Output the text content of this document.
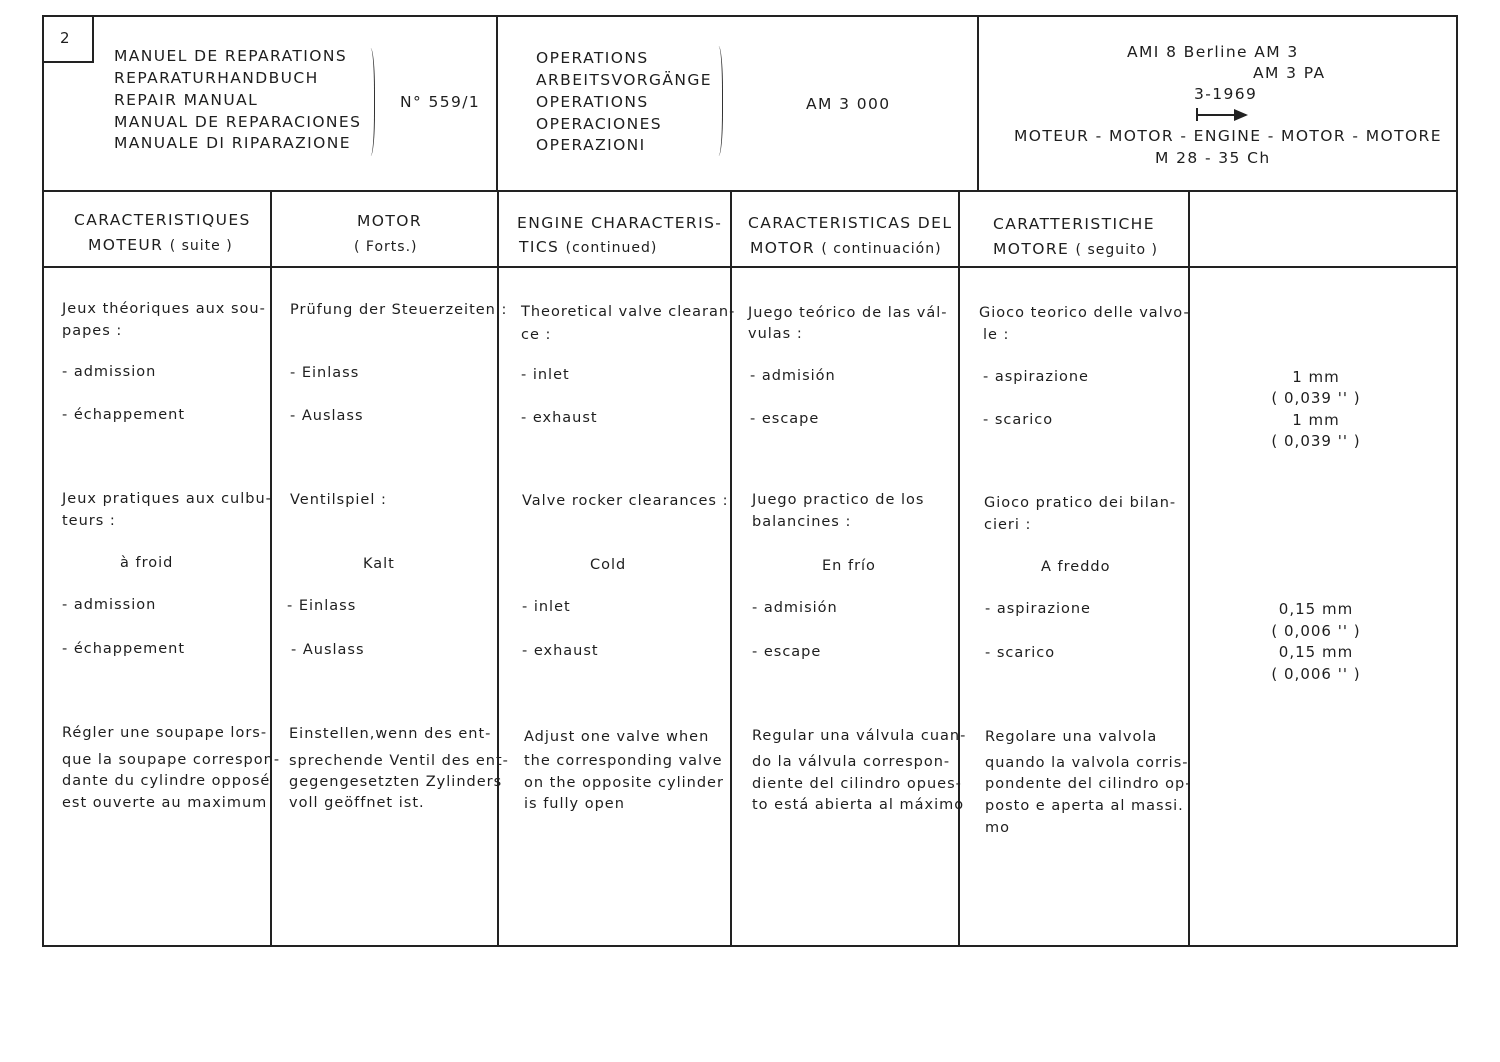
2
MANUEL DE REPARATIONS
REPARATURHANDBUCH
REPAIR MANUAL
MANUAL DE REPARACIONES
MANUALE DI RIPARAZIONE
N° 559/1
OPERATIONS
ARBEITSVORGÄNGE
OPERATIONS
OPERACIONES
OPERAZIONI
AM 3 000
AMI 8 Berline AM 3
AM 3 PA
3-1969
MOTEUR - MOTOR - ENGINE - MOTOR - MOTORE
M 28 - 35 Ch
CARACTERISTIQUES
MOTEUR ( suite )
MOTOR
( Forts.)
ENGINE CHARACTERIS-
TICS (continued)
CARACTERISTICAS DEL
MOTOR ( continuación)
CARATTERISTICHE
MOTORE ( seguito )
Jeux théoriques aux sou-
papes :
- admission
- échappement
Jeux pratiques aux culbu-
teurs :
à froid
- admission
- échappement
Régler une soupape lors-
que la soupape correspon-
dante du cylindre opposé
est ouverte au maximum
Prüfung der Steuerzeiten :
- Einlass
- Auslass
Ventilspiel :
Kalt
- Einlass
- Auslass
Einstellen,wenn des ent-
sprechende Ventil des ent-
gegengesetzten Zylinders
voll geöffnet ist.
Theoretical valve clearan-
ce :
- inlet
- exhaust
Valve rocker clearances :
Cold
- inlet
- exhaust
Adjust one valve when
the corresponding valve
on the opposite cylinder
is fully open
Juego teórico de las vál-
vulas :
- admisión
- escape
Juego practico de los
balancines :
En frío
- admisión
- escape
Regular una válvula cuan-
do la válvula correspon-
diente del cilindro opues-
to está abierta al máximo
Gioco teorico delle valvo-
le :
- aspirazione
- scarico
Gioco pratico dei bilan-
cieri :
A freddo
- aspirazione
- scarico
Regolare una valvola
quando la valvola corris-
pondente del cilindro op-
posto e aperta al massi.
mo
1 mm
( 0,039 '' )
1 mm
( 0,039 '' )
0,15 mm
( 0,006 '' )
0,15 mm
( 0,006 '' )
